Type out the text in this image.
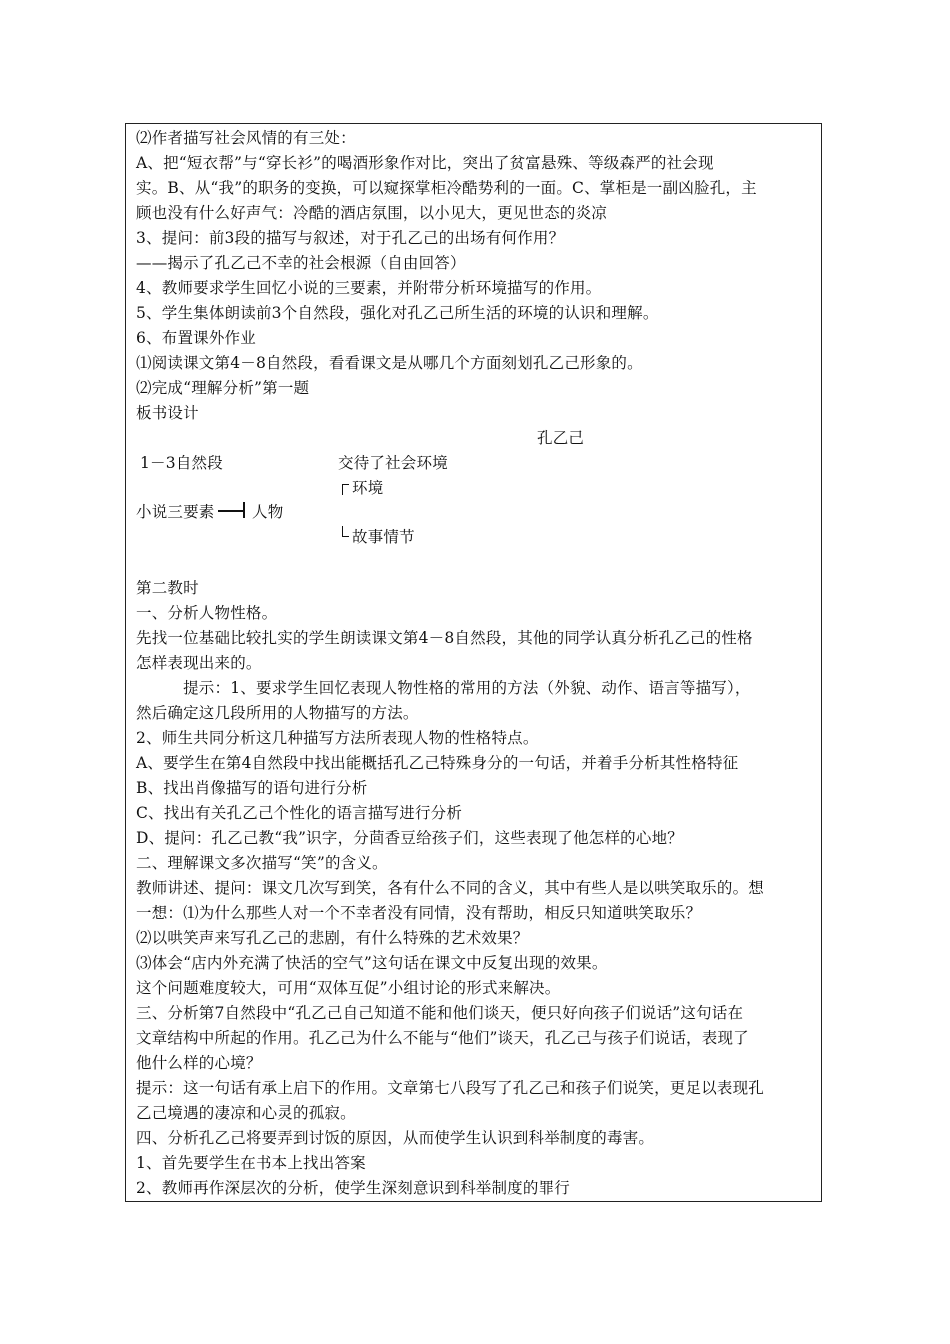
⑵作者描写社会风情的有三处：
A、把“短衣帮”与“穿长衫”的喝酒形象作对比，突出了贫富悬殊、等级森严的社会现
实。B、从“我”的职务的变换，可以窥探掌柜冷酷势利的一面。C、掌柜是一副凶脸孔，主
顾也没有什么好声气：冷酷的酒店氛围，以小见大，更见世态的炎凉
3、提问：前3段的描写与叙述，对于孔乙己的出场有何作用？
——揭示了孔乙己不幸的社会根源（自由回答）
4、教师要求学生回忆小说的三要素，并附带分析环境描写的作用。
5、学生集体朗读前3个自然段，强化对孔乙己所生活的环境的认识和理解。
6、布置课外作业
⑴阅读课文第4－8自然段，看看课文是从哪几个方面刻划孔乙己形象的。
⑵完成“理解分析”第一题
板书设计
孔乙己
1－3自然段	交待了社会环境
环境
小说三要素 人物
故事情节
第二教时
一、分析人物性格。
先找一位基础比较扎实的学生朗读课文第4－8自然段，其他的同学认真分析孔乙己的性格
怎样表现出来的。
　　　提示：1、要求学生回忆表现人物性格的常用的方法（外貌、动作、语言等描写），
然后确定这几段所用的人物描写的方法。
2、师生共同分析这几种描写方法所表现人物的性格特点。
A、要学生在第4自然段中找出能概括孔乙己特殊身分的一句话，并着手分析其性格特征
B、找出肖像描写的语句进行分析
C、找出有关孔乙己个性化的语言描写进行分析
D、提问：孔乙己教“我”识字，分茴香豆给孩子们，这些表现了他怎样的心地？
二、理解课文多次描写“笑”的含义。
教师讲述、提问：课文几次写到笑，各有什么不同的含义，其中有些人是以哄笑取乐的。想
一想：⑴为什么那些人对一个不幸者没有同情，没有帮助，相反只知道哄笑取乐？
⑵以哄笑声来写孔乙己的悲剧，有什么特殊的艺术效果？
⑶体会“店内外充满了快活的空气”这句话在课文中反复出现的效果。
这个问题难度较大，可用“双体互促”小组讨论的形式来解决。
三、分析第7自然段中“孔乙己自己知道不能和他们谈天，便只好向孩子们说话”这句话在
文章结构中所起的作用。孔乙己为什么不能与“他们”谈天，孔乙己与孩子们说话，表现了
他什么样的心境？
提示：这一句话有承上启下的作用。文章第七八段写了孔乙己和孩子们说笑，更足以表现孔
乙己境遇的凄凉和心灵的孤寂。
四、分析孔乙己将要弄到讨饭的原因，从而使学生认识到科举制度的毒害。
1、首先要学生在书本上找出答案
2、教师再作深层次的分析，使学生深刻意识到科举制度的罪行
